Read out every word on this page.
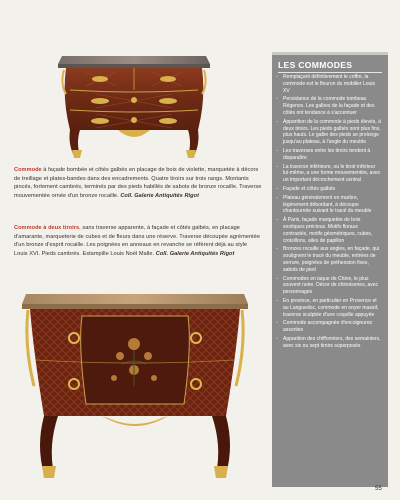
Commode à façade bombée et côtés galbés en placage de bois de violette, marquetée à décors de treillage et plates-bandes dans des encadrements. Quatre tiroirs sur trois rangs. Montants pincés, fortement cambrés, terminés par des pieds habillés de sabots de bronze rocaille. Traverse mouvementée ornée d'un bronze rocaille. Coll. Galerie Antiquités Rigot
Commode à deux tiroirs, sans traverse apparente, à façade et côtés galbés, en placage d'amarante, marqueterie de cubes et de fleurs dans une réserve. Traverse découpée agrémentée d'un bronze d'esprit rocaille. Les poignées en anneaux en revanche se réfèrent déjà au style Louis XVI. Pieds cambrés. Estampille Louis Noël Malle. Coll. Galerie Antiquités Rigot
LES COMMODES
- Remplaçant définitivement le coffre, la commode est le fleuron du mobilier Louis XV
- Persistance de la commode tombeau Régence. Les galbes de la façade et des côtés ont tendance à s'accentuer
- Apparition de la commode à pieds élevés, à deux tiroirs. Les pieds galbés sont plus fins, plus hauts. Le galbe des pieds se prolonge jusqu'au plateau, à l'angle du meuble
- Les traverses entre les tiroirs tendent à disparaître
- La traverse inférieure, ou le tiroir inférieur lui-même, a une forme mouvementée, avec un important décrochement central
- Façade et côtés galbés
- Plateau généralement en marbre, légèrement débordant, à découpe chantournée suivant le tracé du meuble
- À Paris, façade marquetée de bois exotiques précieux. Motifs floraux contrastés, motifs géométriques, cubes, croisillons, ailes de papillon
- Bronzes rocaille aux angles, en façade, qui soulignent le tracé du meuble, entrées de serrure, poignées de préhension fixes, sabots de pied
- Commodes en laque de Chine, le plus souvent noire. Décor de chinoiseries, avec personnages
- En province, en particulier en Provence et au Languedoc, commode en noyer massif, traverse sculptée d'une coquille appuyée
- Commode accompagnée d'encoignures assorties
- Apparition des chiffonniers, des semainiers, avec six ou sept tiroirs superposés
55
